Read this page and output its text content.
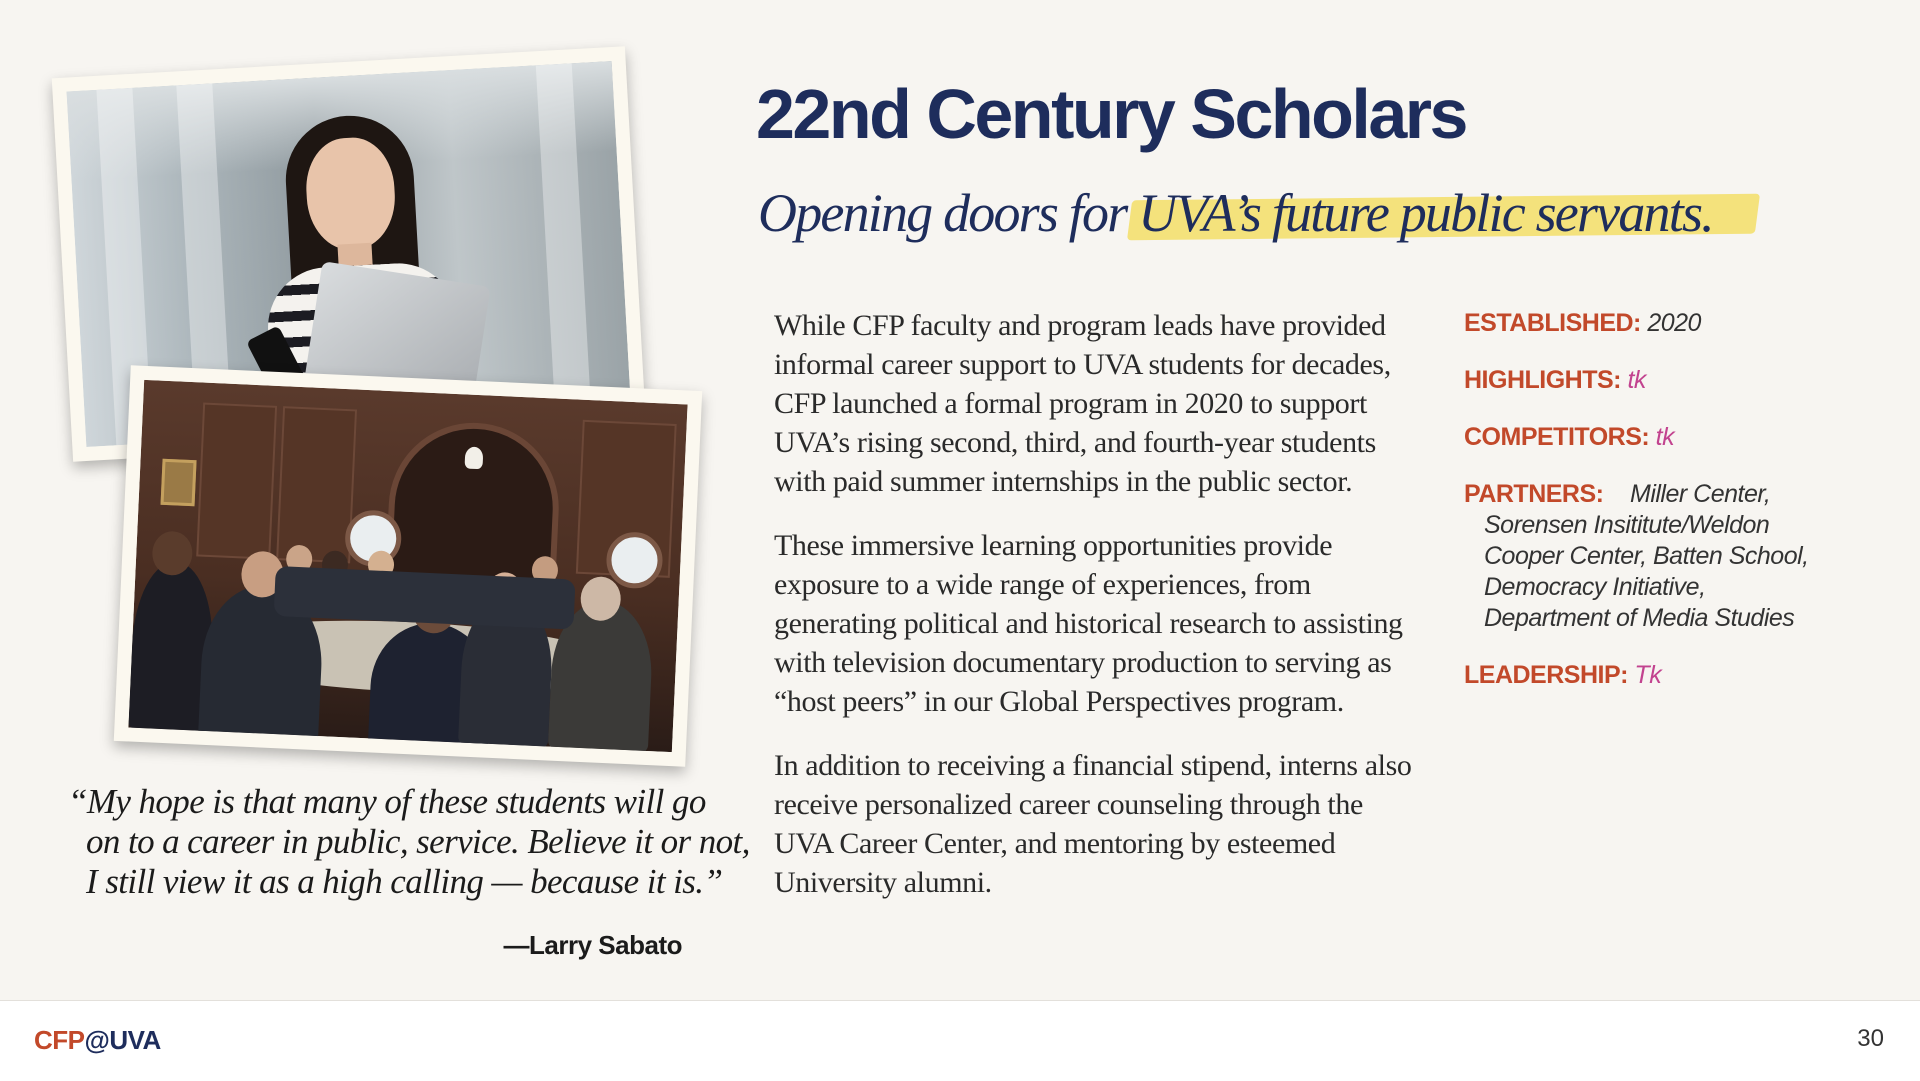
“My hope is that many of these students will go
on to a career in public, service. Believe it or not,
I still view it as a high calling — because it is.”
—Larry Sabato
22nd Century Scholars
Opening doors for UVA’s future public servants.

While CFP faculty and program leads have provided informal career support to UVA students for decades, CFP launched a formal program in 2020 to support UVA’s rising second, third, and fourth-year students with paid summer internships in the public sector.

These immersive learning opportunities provide exposure to a wide range of experiences, from generating political and historical research to assisting with television documentary production to serving as “host peers” in our Global Perspectives program.

In addition to receiving a financial stipend, interns also receive personalized career counseling through the UVA Career Center, and mentoring by esteemed University alumni.

ESTABLISHED: 2020
HIGHLIGHTS: tk
COMPETITORS: tk
PARTNERS:	Miller Center, Sorensen Insititute/Weldon Cooper Center, Batten School, Democracy Initiative, Department of Media Studies
LEADERSHIP: Tk
CFP@UVA	30
